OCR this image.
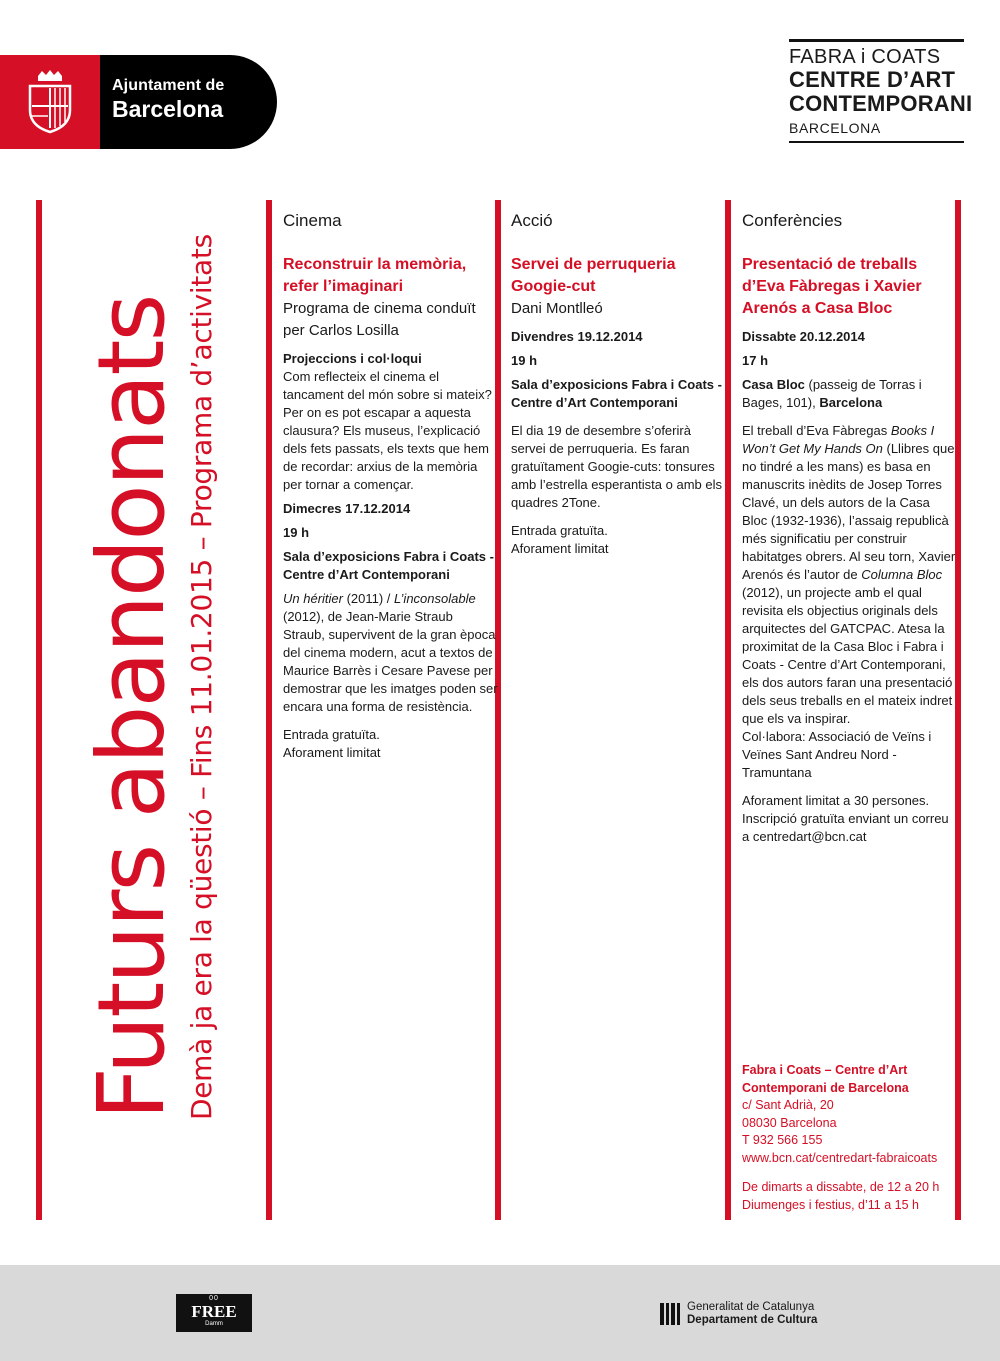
Ajuntament de
Barcelona
FABRA i COATS
CENTRE D’ART
CONTEMPORANI
BARCELONA
Futurs abandonats Demà ja era la qüestió – Fins 11.01.2015 – Programa d’activitats
Cinema
Reconstruir la memòria, refer l’imaginari
Programa de cinema conduït per Carlos Losilla
Projeccions i col·loqui
Com reflecteix el cinema el tancament del món sobre si mateix? Per on es pot escapar a aquesta clausura? Els museus, l’explicació dels fets passats, els texts que hem de recordar: arxius de la memòria per tornar a començar.
Dimecres 17.12.2014
19 h
Sala d’exposicions Fabra i Coats - Centre d’Art Contemporani
Un héritier (2011) / L’inconsolable (2012), de Jean-Marie Straub Straub, supervivent de la gran època del cinema modern, acut a textos de Maurice Barrès i Cesare Pavese per demostrar que les imatges poden ser encara una forma de resistència.
Entrada gratuïta.
Aforament limitat
Acció
Servei de perruqueria Googie-cut
Dani Montlleó
Divendres 19.12.2014
19 h
Sala d’exposicions Fabra i Coats - Centre d’Art Contemporani
El dia 19 de desembre s’oferirà servei de perruqueria. Es faran gratuïtament Googie-cuts: tonsures amb l’estrella esperantista o amb els quadres 2Tone.
Entrada gratuïta.
Aforament limitat
Conferències
Presentació de treballs d’Eva Fàbregas i Xavier Arenós a Casa Bloc
Dissabte 20.12.2014
17 h
Casa Bloc (passeig de Torras i Bages, 101), Barcelona
El treball d’Eva Fàbregas Books I Won’t Get My Hands On (Llibres que no tindré a les mans) es basa en manuscrits inèdits de Josep Torres Clavé, un dels autors de la Casa Bloc (1932-1936), l’assaig republicà més significatiu per construir habitatges obrers. Al seu torn, Xavier Arenós és l’autor de Columna Bloc (2012), un projecte amb el qual revisita els objectius originals dels arquitectes del GATCPAC. Atesa la proximitat de la Casa Bloc i Fabra i Coats - Centre d’Art Contemporani, els dos autors faran una presentació dels seus treballs en el mateix indret que els va inspirar.
Col·labora: Associació de Veïns i Veïnes Sant Andreu Nord - Tramuntana
Aforament limitat a 30 persones.
Inscripció gratuïta enviant un correu a centredart@bcn.cat
Fabra i Coats – Centre d’Art
Contemporani de Barcelona
c/ Sant Adrià, 20
08030 Barcelona
T 932 566 155
www.bcn.cat/centredart-fabraicoats
De dimarts a dissabte, de 12 a 20 h
Diumenges i festius, d’11 a 15 h
00
FREE
Damm
Generalitat de Catalunya
Departament de Cultura
